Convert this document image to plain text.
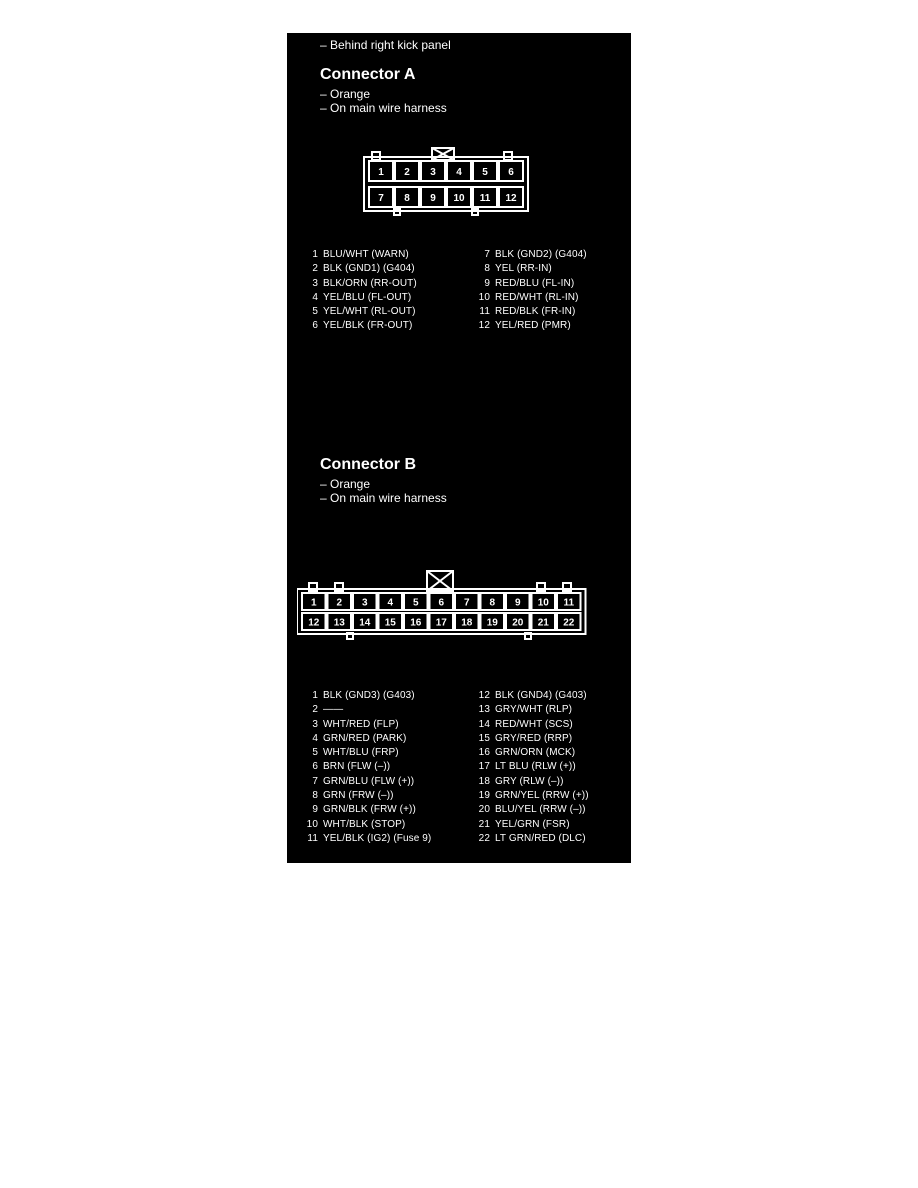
– Behind right kick panel
Connector A
– Orange
– On main wire harness
1 2 3 4 5 6
7 8 9 10 11 12
1 BLU/WHT (WARN)
2 BLK (GND1) (G404)
3 BLK/ORN (RR-OUT)
4 YEL/BLU (FL-OUT)
5 YEL/WHT (RL-OUT)
6 YEL/BLK (FR-OUT)
7 BLK (GND2) (G404)
8 YEL (RR-IN)
9 RED/BLU (FL-IN)
10 RED/WHT (RL-IN)
11 RED/BLK (FR-IN)
12 YEL/RED (PMR)
Connector B
– Orange
– On main wire harness
1 2 3 4 5 6 7 8 9 10 11
12 13 14 15 16 17 18 19 20 21 22
1 BLK (GND3) (G403)
2 ——
3 WHT/RED (FLP)
4 GRN/RED (PARK)
5 WHT/BLU (FRP)
6 BRN (FLW (–))
7 GRN/BLU (FLW (+))
8 GRN (FRW (–))
9 GRN/BLK (FRW (+))
10 WHT/BLK (STOP)
11 YEL/BLK (IG2) (Fuse 9)
12 BLK (GND4) (G403)
13 GRY/WHT (RLP)
14 RED/WHT (SCS)
15 GRY/RED (RRP)
16 GRN/ORN (MCK)
17 LT BLU (RLW (+))
18 GRY (RLW (–))
19 GRN/YEL (RRW (+))
20 BLU/YEL (RRW (–))
21 YEL/GRN (FSR)
22 LT GRN/RED (DLC)
